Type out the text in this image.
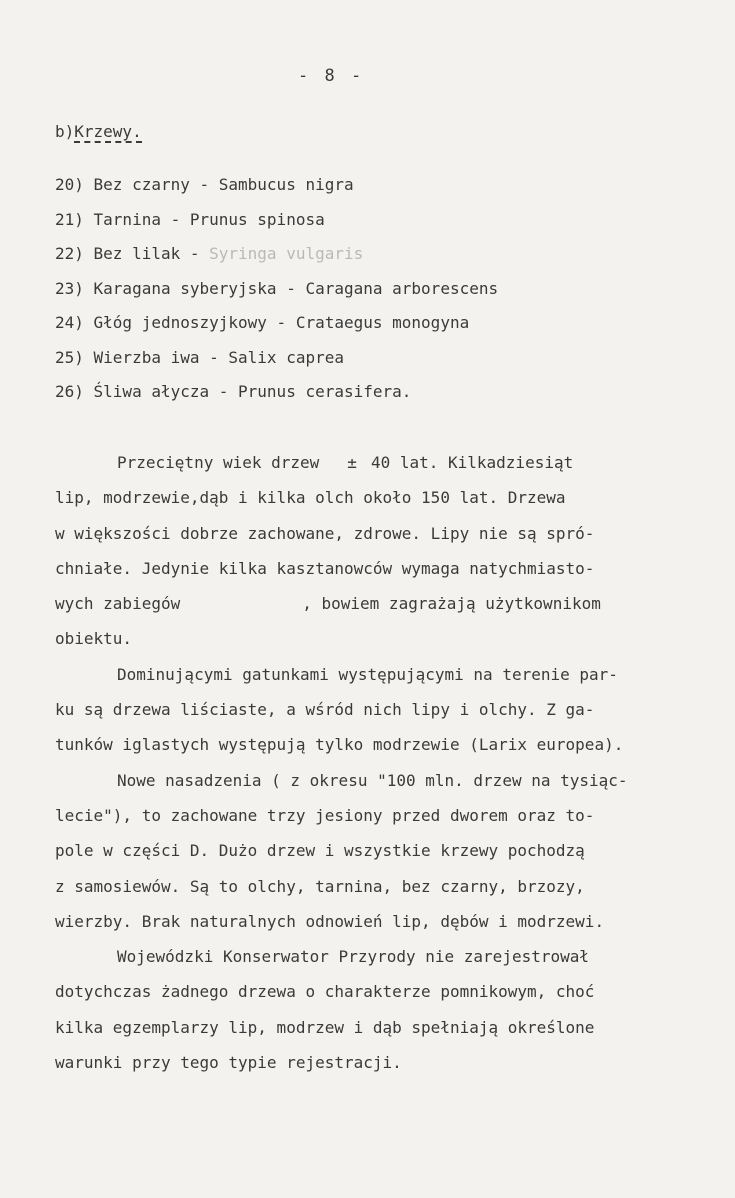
- 8 -
b)Krzewy.
20) Bez czarny - Sambucus nigra
21) Tarnina - Prunus spinosa
22) Bez lilak - Syringa vulgaris
23) Karagana syberyjska - Caragana arborescens
24) Głóg jednoszyjkowy - Crataegus monogyna
25) Wierzba iwa - Salix caprea
26) Śliwa ałycza - Prunus cerasifera.
Przeciętny wiek drzew ± 40 lat. Kilkadziesiąt
lip, modrzewie,dąb i kilka olch około 150 lat. Drzewa
w większości dobrze zachowane, zdrowe. Lipy nie są spró-
chniałe. Jedynie kilka kasztanowców wymaga natychmiasto-
wych zabiegów	, bowiem zagrażają użytkownikom
obiektu.
Dominującymi gatunkami występującymi na terenie par-
ku są drzewa liściaste, a wśród nich lipy i olchy. Z ga-
tunków iglastych występują tylko modrzewie (Larix europea).
Nowe nasadzenia ( z okresu "100 mln. drzew na tysiąc-
lecie"), to zachowane trzy jesiony przed dworem oraz to-
pole w części D. Dużo drzew i wszystkie krzewy pochodzą
z samosiewów. Są to olchy, tarnina, bez czarny, brzozy,
wierzby. Brak naturalnych odnowień lip, dębów i modrzewi.
Wojewódzki Konserwator Przyrody nie zarejestrował
dotychczas żadnego drzewa o charakterze pomnikowym, choć
kilka egzemplarzy lip, modrzew i dąb spełniają określone
warunki przy tego typie rejestracji.
